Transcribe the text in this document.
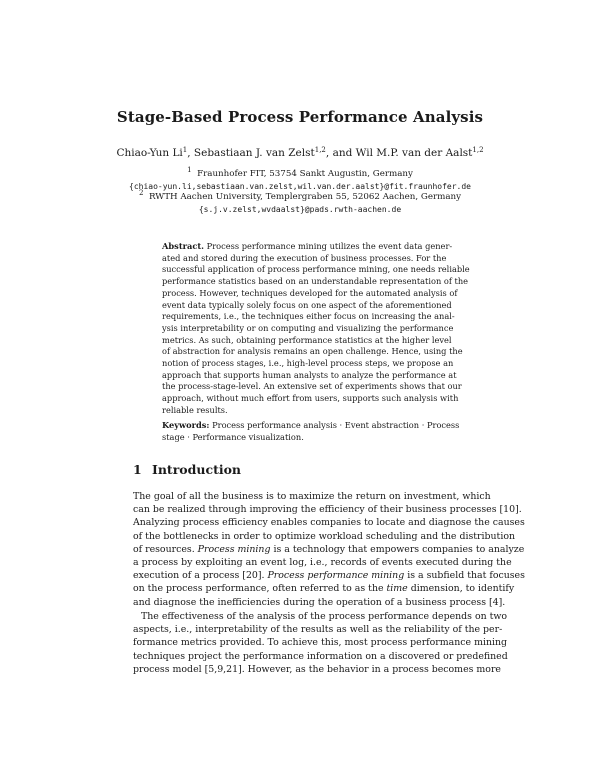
Stage-Based Process Performance Analysis
Chiao-Yun Li$^1$, Sebastiaan J. van Zelst$^{1,2}$, and Wil M.P. van der Aalst$^{1,2}$
$^1$ Fraunhofer FIT, 53754 Sankt Augustin, Germany
{chiao-yun.li,sebastiaan.van.zelst,wil.van.der.aalst}@fit.fraunhofer.de
$^2$ RWTH Aachen University, Templergraben 55, 52062 Aachen, Germany
{s.j.v.zelst,wvdaalst}@pads.rwth-aachen.de

Abstract. Process performance mining utilizes the event data gener-
ated and stored during the execution of business processes. For the
successful application of process performance mining, one needs reliable
performance statistics based on an understandable representation of the
process. However, techniques developed for the automated analysis of
event data typically solely focus on one aspect of the aforementioned
requirements, i.e., the techniques either focus on increasing the anal-
ysis interpretability or on computing and visualizing the performance
metrics. As such, obtaining performance statistics at the higher level
of abstraction for analysis remains an open challenge. Hence, using the
notion of process stages, i.e., high-level process steps, we propose an
approach that supports human analysts to analyze the performance at
the process-stage-level. An extensive set of experiments shows that our
approach, without much effort from users, supports such analysis with
reliable results.

Keywords: Process performance analysis · Event abstraction · Process
stage · Performance visualization.

1 Introduction

The goal of all the business is to maximize the return on investment, which
can be realized through improving the efficiency of their business processes [10].
Analyzing process efficiency enables companies to locate and diagnose the causes
of the bottlenecks in order to optimize workload scheduling and the distribution
of resources. Process mining is a technology that empowers companies to analyze
a process by exploiting an event log, i.e., records of events executed during the
execution of a process [20]. Process performance mining is a subfield that focuses
on the process performance, often referred to as the time dimension, to identify
and diagnose the inefficiencies during the operation of a business process [4].

The effectiveness of the analysis of the process performance depends on two
aspects, i.e., interpretability of the results as well as the reliability of the per-
formance metrics provided. To achieve this, most process performance mining
techniques project the performance information on a discovered or predefined
process model [5,9,21]. However, as the behavior in a process becomes more
